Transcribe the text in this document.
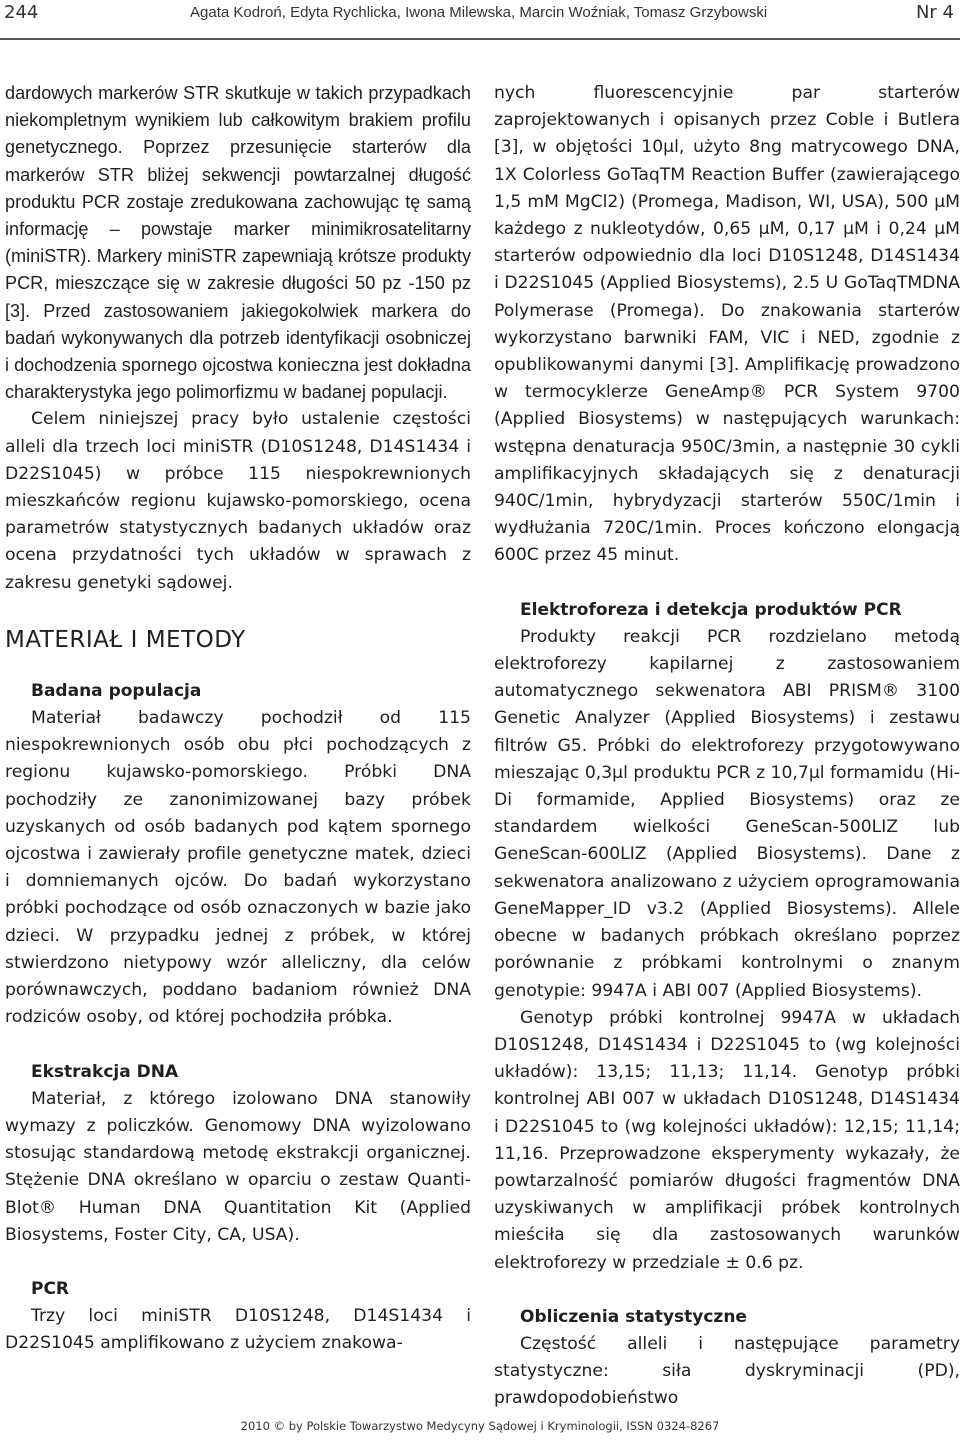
244	Agata Kodroń, Edyta Rychlicka, Iwona Milewska, Marcin Woźniak, Tomasz Grzybowski	Nr 4

dardowych markerów STR skutkuje w takich przypadkach niekompletnym wynikiem lub całkowitym brakiem profilu genetycznego. Poprzez przesunięcie starterów dla markerów STR bliżej sekwencji powtarzalnej długość produktu PCR zostaje zredukowana zachowując tę samą informację – powstaje marker minimikrosatelitarny (miniSTR). Markery miniSTR zapewniają krótsze produkty PCR, mieszczące się w zakresie długości 50 pz -150 pz [3]. Przed zastosowaniem jakiegokolwiek markera do badań wykonywanych dla potrzeb identyfikacji osobniczej i dochodzenia spornego ojcostwa konieczna jest dokładna charakterystyka jego polimorfizmu w badanej populacji.

Celem niniejszej pracy było ustalenie częstości alleli dla trzech loci miniSTR (D10S1248, D14S1434 i D22S1045) w próbce 115 niespokrewnionych mieszkańców regionu kujawsko-pomorskiego, ocena parametrów statystycznych badanych układów oraz ocena przydatności tych układów w sprawach z zakresu genetyki sądowej.

MATERIAŁ I METODY
Badana populacja

Materiał badawczy pochodził od 115 niespokrewnionych osób obu płci pochodzących z regionu kujawsko-pomorskiego. Próbki DNA pochodziły ze zanonimizowanej bazy próbek uzyskanych od osób badanych pod kątem spornego ojcostwa i zawierały profile genetyczne matek, dzieci i domniemanych ojców. Do badań wykorzystano próbki pochodzące od osób oznaczonych w bazie jako dzieci. W przypadku jednej z próbek, w której stwierdzono nietypowy wzór alleliczny, dla celów porównawczych, poddano badaniom również DNA rodziców osoby, od której pochodziła próbka.

Ekstrakcja DNA

Materiał, z którego izolowano DNA stanowiły wymazy z policzków. Genomowy DNA wyizolowano stosując standardową metodę ekstrakcji organicznej. Stężenie DNA określano w oparciu o zestaw Quanti-Blot® Human DNA Quantitation Kit (Applied Biosystems, Foster City, CA, USA).

PCR

Trzy loci miniSTR D10S1248, D14S1434 i D22S1045 amplifikowano z użyciem znakowa-

nych fluorescencyjnie par starterów zaprojektowanych i opisanych przez Coble i Butlera [3], w objętości 10µl, użyto 8ng matrycowego DNA, 1X Colorless GoTaqTM Reaction Buffer (zawierającego 1,5 mM MgCl2) (Promega, Madison, WI, USA), 500 µM każdego z nukleotydów, 0,65 µM, 0,17 µM i 0,24 µM starterów odpowiednio dla loci D10S1248, D14S1434 i D22S1045 (Applied Biosystems), 2.5 U GoTaqTMDNA Polymerase (Promega). Do znakowania starterów wykorzystano barwniki FAM, VIC i NED, zgodnie z opublikowanymi danymi [3]. Amplifikację prowadzono w termocyklerze GeneAmp® PCR System 9700 (Applied Biosystems) w następujących warunkach: wstępna denaturacja 950C/3min, a następnie 30 cykli amplifikacyjnych składających się z denaturacji 940C/1min, hybrydyzacji starterów 550C/1min i wydłużania 720C/1min. Proces kończono elongacją 600C przez 45 minut.

Elektroforeza i detekcja produktów PCR

Produkty reakcji PCR rozdzielano metodą elektroforezy kapilarnej z zastosowaniem automatycznego sekwenatora ABI PRISM® 3100 Genetic Analyzer (Applied Biosystems) i zestawu filtrów G5. Próbki do elektroforezy przygotowywano mieszając 0,3µl produktu PCR z 10,7µl formamidu (Hi-Di formamide, Applied Biosystems) oraz ze standardem wielkości GeneScan-500LIZ lub GeneScan-600LIZ (Applied Biosystems). Dane z sekwenatora analizowano z użyciem oprogramowania GeneMapper_ID v3.2 (Applied Biosystems). Allele obecne w badanych próbkach określano poprzez porównanie z próbkami kontrolnymi o znanym genotypie: 9947A i ABI 007 (Applied Biosystems).

Genotyp próbki kontrolnej 9947A w układach D10S1248, D14S1434 i D22S1045 to (wg kolejności układów): 13,15; 11,13; 11,14. Genotyp próbki kontrolnej ABI 007 w układach D10S1248, D14S1434 i D22S1045 to (wg kolejności układów): 12,15; 11,14; 11,16. Przeprowadzone eksperymenty wykazały, że powtarzalność pomiarów długości fragmentów DNA uzyskiwanych w amplifikacji próbek kontrolnych mieściła się dla zastosowanych warunków elektroforezy w przedziale ± 0.6 pz.

Obliczenia statystyczne

Częstość alleli i następujące parametry statystyczne: siła dyskryminacji (PD), prawdopodobieństwo

2010 © by Polskie Towarzystwo Medycyny Sądowej i Kryminologii, ISSN 0324-8267
